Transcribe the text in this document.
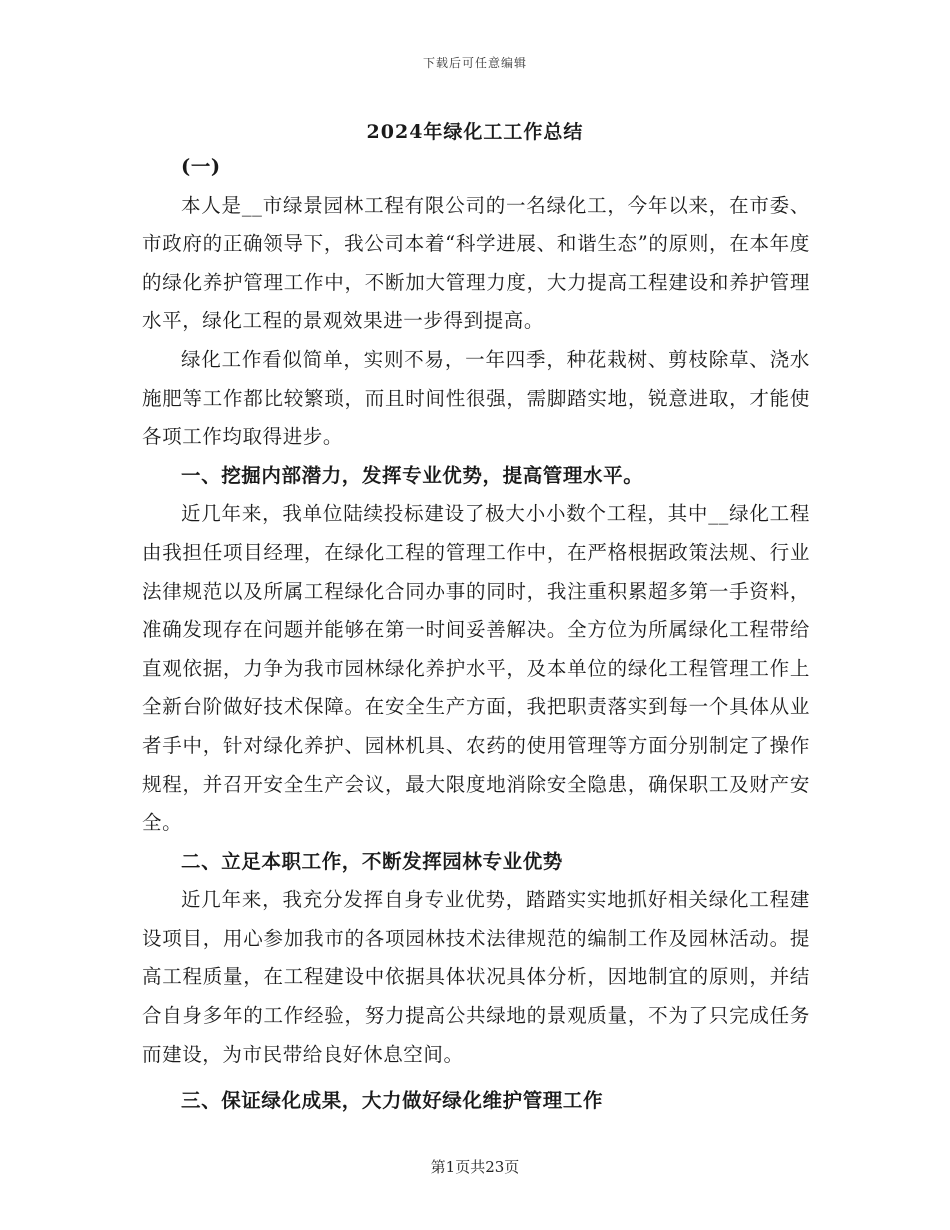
下载后可任意编辑
2024年绿化工工作总结

(一)

本人是__市绿景园林工程有限公司的一名绿化工，今年以来，在市委、市政府的正确领导下，我公司本着“科学进展、和谐生态”的原则，在本年度的绿化养护管理工作中，不断加大管理力度，大力提高工程建设和养护管理水平，绿化工程的景观效果进一步得到提高。

绿化工作看似简单，实则不易，一年四季，种花栽树、剪枝除草、浇水施肥等工作都比较繁琐，而且时间性很强，需脚踏实地，锐意进取，才能使各项工作均取得进步。

一、挖掘内部潜力，发挥专业优势，提高管理水平。

近几年来，我单位陆续投标建设了极大小小数个工程，其中__绿化工程由我担任项目经理，在绿化工程的管理工作中，在严格根据政策法规、行业法律规范以及所属工程绿化合同办事的同时，我注重积累超多第一手资料，准确发现存在问题并能够在第一时间妥善解决。全方位为所属绿化工程带给直观依据，力争为我市园林绿化养护水平，及本单位的绿化工程管理工作上全新台阶做好技术保障。在安全生产方面，我把职责落实到每一个具体从业者手中，针对绿化养护、园林机具、农药的使用管理等方面分别制定了操作规程，并召开安全生产会议，最大限度地消除安全隐患，确保职工及财产安全。

二、立足本职工作，不断发挥园林专业优势

近几年来，我充分发挥自身专业优势，踏踏实实地抓好相关绿化工程建设项目，用心参加我市的各项园林技术法律规范的编制工作及园林活动。提高工程质量，在工程建设中依据具体状况具体分析，因地制宜的原则，并结合自身多年的工作经验，努力提高公共绿地的景观质量，不为了只完成任务而建设，为市民带给良好休息空间。

三、保证绿化成果，大力做好绿化维护管理工作

第1页共23页
